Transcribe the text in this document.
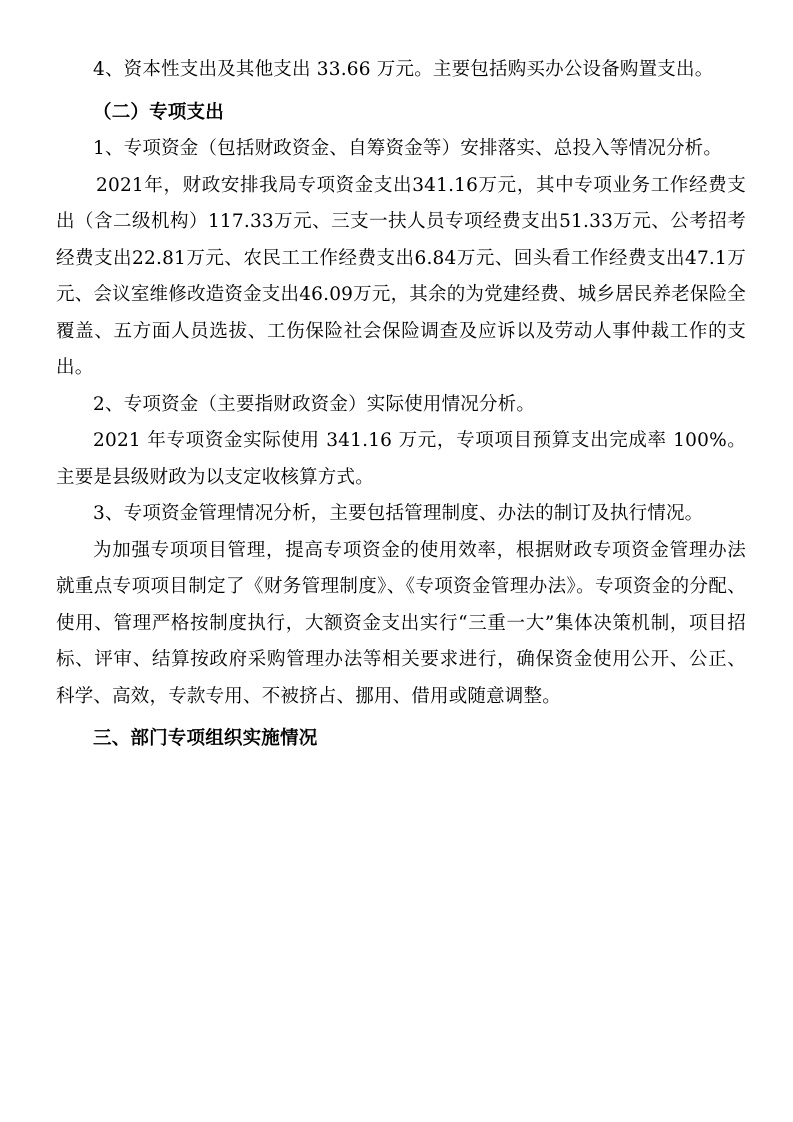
4、资本性支出及其他支出 33.66 万元。主要包括购买办公设备购置支出。

（二）专项支出

1、专项资金（包括财政资金、自筹资金等）安排落实、总投入等情况分析。

2021年，财政安排我局专项资金支出341.16万元，其中专项业务工作经费支出（含二级机构）117.33万元、三支一扶人员专项经费支出51.33万元、公考招考经费支出22.81万元、农民工工作经费支出6.84万元、回头看工作经费支出47.1万元、会议室维修改造资金支出46.09万元，其余的为党建经费、城乡居民养老保险全覆盖、五方面人员选拔、工伤保险社会保险调查及应诉以及劳动人事仲裁工作的支出。

2、专项资金（主要指财政资金）实际使用情况分析。

2021 年专项资金实际使用 341.16 万元，专项项目预算支出完成率 100%。主要是县级财政为以支定收核算方式。

3、专项资金管理情况分析，主要包括管理制度、办法的制订及执行情况。

为加强专项项目管理，提高专项资金的使用效率，根据财政专项资金管理办法就重点专项项目制定了《财务管理制度》、《专项资金管理办法》。专项资金的分配、使用、管理严格按制度执行，大额资金支出实行“三重一大”集体决策机制，项目招标、评审、结算按政府采购管理办法等相关要求进行，确保资金使用公开、公正、科学、高效，专款专用、不被挤占、挪用、借用或随意调整。

三、部门专项组织实施情况
